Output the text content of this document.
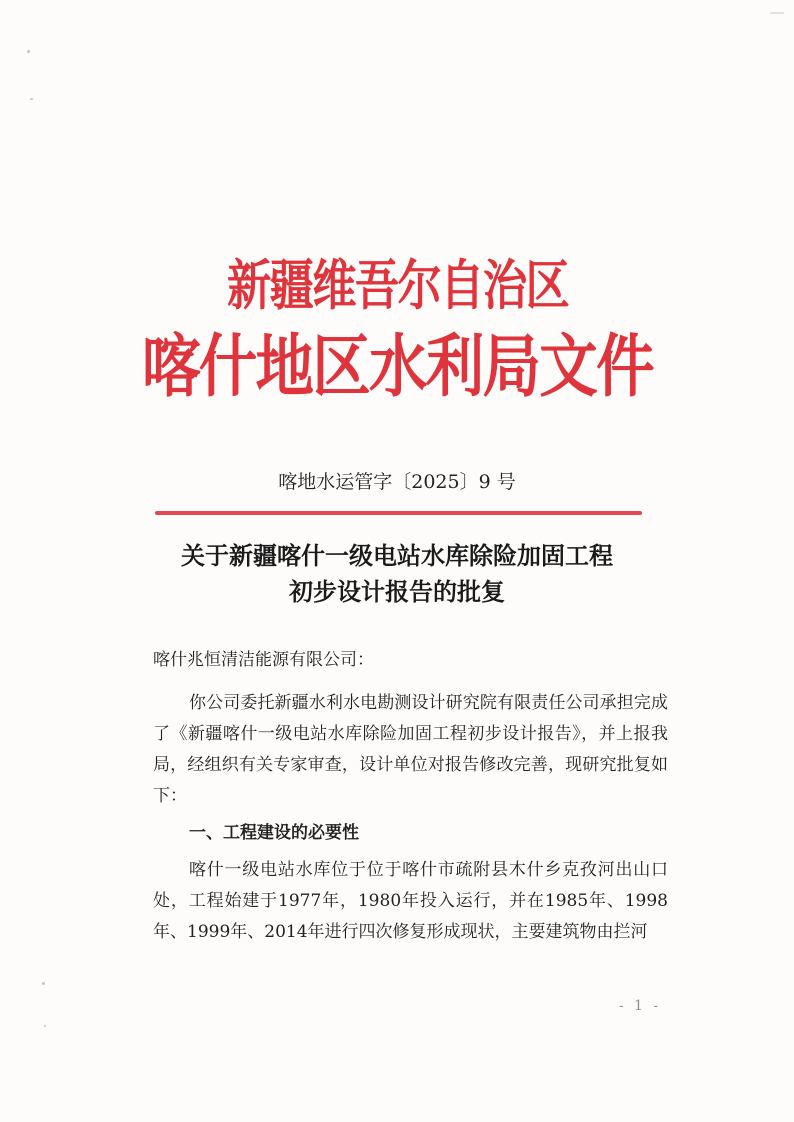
新疆维吾尔自治区
喀什地区水利局文件
喀地水运管字〔2025〕9 号
关于新疆喀什一级电站水库除险加固工程
初步设计报告的批复

喀什兆恒清洁能源有限公司：

你公司委托新疆水利水电勘测设计研究院有限责任公司承担完成了《新疆喀什一级电站水库除险加固工程初步设计报告》，并上报我局，经组织有关专家审查，设计单位对报告修改完善，现研究批复如下：

一、工程建设的必要性

喀什一级电站水库位于位于喀什市疏附县木什乡克孜河出山口处，工程始建于1977年，1980年投入运行，并在1985年、1998年、1999年、2014年进行四次修复形成现状，主要建筑物由拦河

- 1 -
